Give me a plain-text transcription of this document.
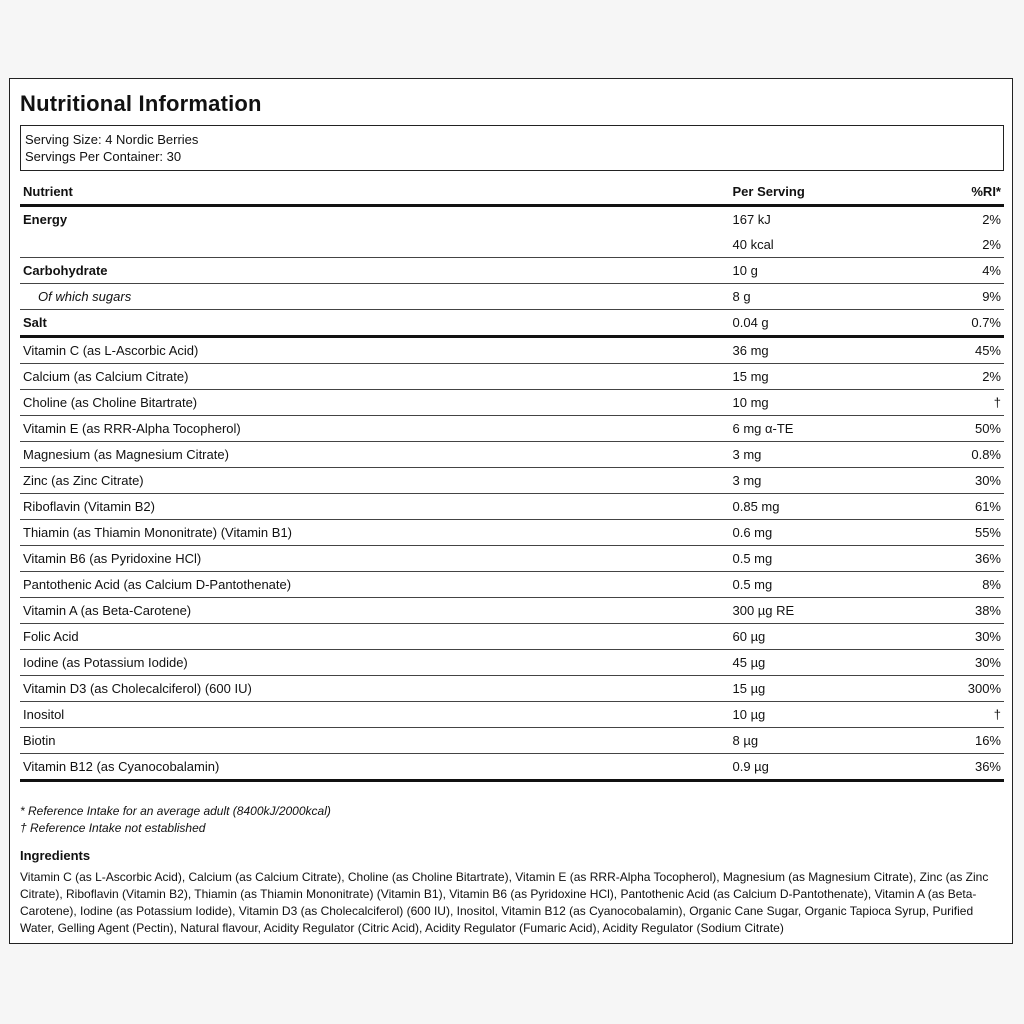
Nutritional Information
Serving Size: 4 Nordic Berries
Servings Per Container: 30
Nutrient	Per Serving	%RI*
Energy	167 kJ	2%
	40 kcal	2%
Carbohydrate	10 g	4%
Of which sugars	8 g	9%
Salt	0.04 g	0.7%
Vitamin C (as L-Ascorbic Acid)	36 mg	45%
Calcium (as Calcium Citrate)	15 mg	2%
Choline (as Choline Bitartrate)	10 mg	†
Vitamin E (as RRR-Alpha Tocopherol)	6 mg α-TE	50%
Magnesium (as Magnesium Citrate)	3 mg	0.8%
Zinc (as Zinc Citrate)	3 mg	30%
Riboflavin (Vitamin B2)	0.85 mg	61%
Thiamin (as Thiamin Mononitrate) (Vitamin B1)	0.6 mg	55%
Vitamin B6 (as Pyridoxine HCl)	0.5 mg	36%
Pantothenic Acid (as Calcium D-Pantothenate)	0.5 mg	8%
Vitamin A (as Beta-Carotene)	300 µg RE	38%
Folic Acid	60 µg	30%
Iodine (as Potassium Iodide)	45 µg	30%
Vitamin D3 (as Cholecalciferol) (600 IU)	15 µg	300%
Inositol	10 µg	†
Biotin	8 µg	16%
Vitamin B12 (as Cyanocobalamin)	0.9 µg	36%
* Reference Intake for an average adult (8400kJ/2000kcal)
† Reference Intake not established
Ingredients
Vitamin C (as L-Ascorbic Acid), Calcium (as Calcium Citrate), Choline (as Choline Bitartrate), Vitamin E (as RRR-Alpha Tocopherol), Magnesium (as Magnesium Citrate), Zinc (as Zinc Citrate), Riboflavin (Vitamin B2), Thiamin (as Thiamin Mononitrate) (Vitamin B1), Vitamin B6 (as Pyridoxine HCl), Pantothenic Acid (as Calcium D-Pantothenate), Vitamin A (as Beta-Carotene), Iodine (as Potassium Iodide), Vitamin D3 (as Cholecalciferol) (600 IU), Inositol, Vitamin B12 (as Cyanocobalamin), Organic Cane Sugar, Organic Tapioca Syrup, Purified Water, Gelling Agent (Pectin), Natural flavour, Acidity Regulator (Citric Acid), Acidity Regulator (Fumaric Acid), Acidity Regulator (Sodium Citrate)
